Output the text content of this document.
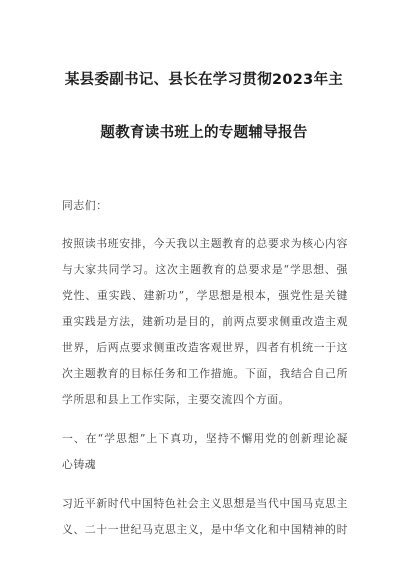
某县委副书记、县长在学习贯彻2023年主
题教育读书班上的专题辅导报告
同志们：
按照读书班安排，今天我以主题教育的总要求为核心内容
与大家共同学习。这次主题教育的总要求是“学思想、强
党性、重实践、建新功”，学思想是根本，强党性是关键
重实践是方法，建新功是目的，前两点要求侧重改造主观
世界，后两点要求侧重改造客观世界，四者有机统一于这
次主题教育的目标任务和工作措施。下面，我结合自己所
学所思和县上工作实际，主要交流四个方面。
一、在“学思想”上下真功，坚持不懈用党的创新理论凝
心铸魂
习近平新时代中国特色社会主义思想是当代中国马克思主
义、二十一世纪马克思主义，是中华文化和中国精神的时
